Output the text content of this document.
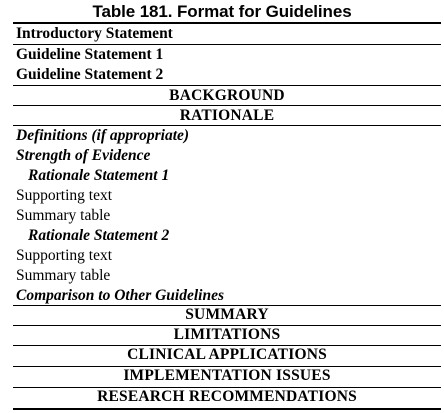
Table 181. Format for Guidelines
Introductory Statement
Guideline Statement 1
Guideline Statement 2
BACKGROUND
RATIONALE
Definitions (if appropriate)
Strength of Evidence
Rationale Statement 1
Supporting text
Summary table
Rationale Statement 2
Supporting text
Summary table
Comparison to Other Guidelines
SUMMARY
LIMITATIONS
CLINICAL APPLICATIONS
IMPLEMENTATION ISSUES
RESEARCH RECOMMENDATIONS
